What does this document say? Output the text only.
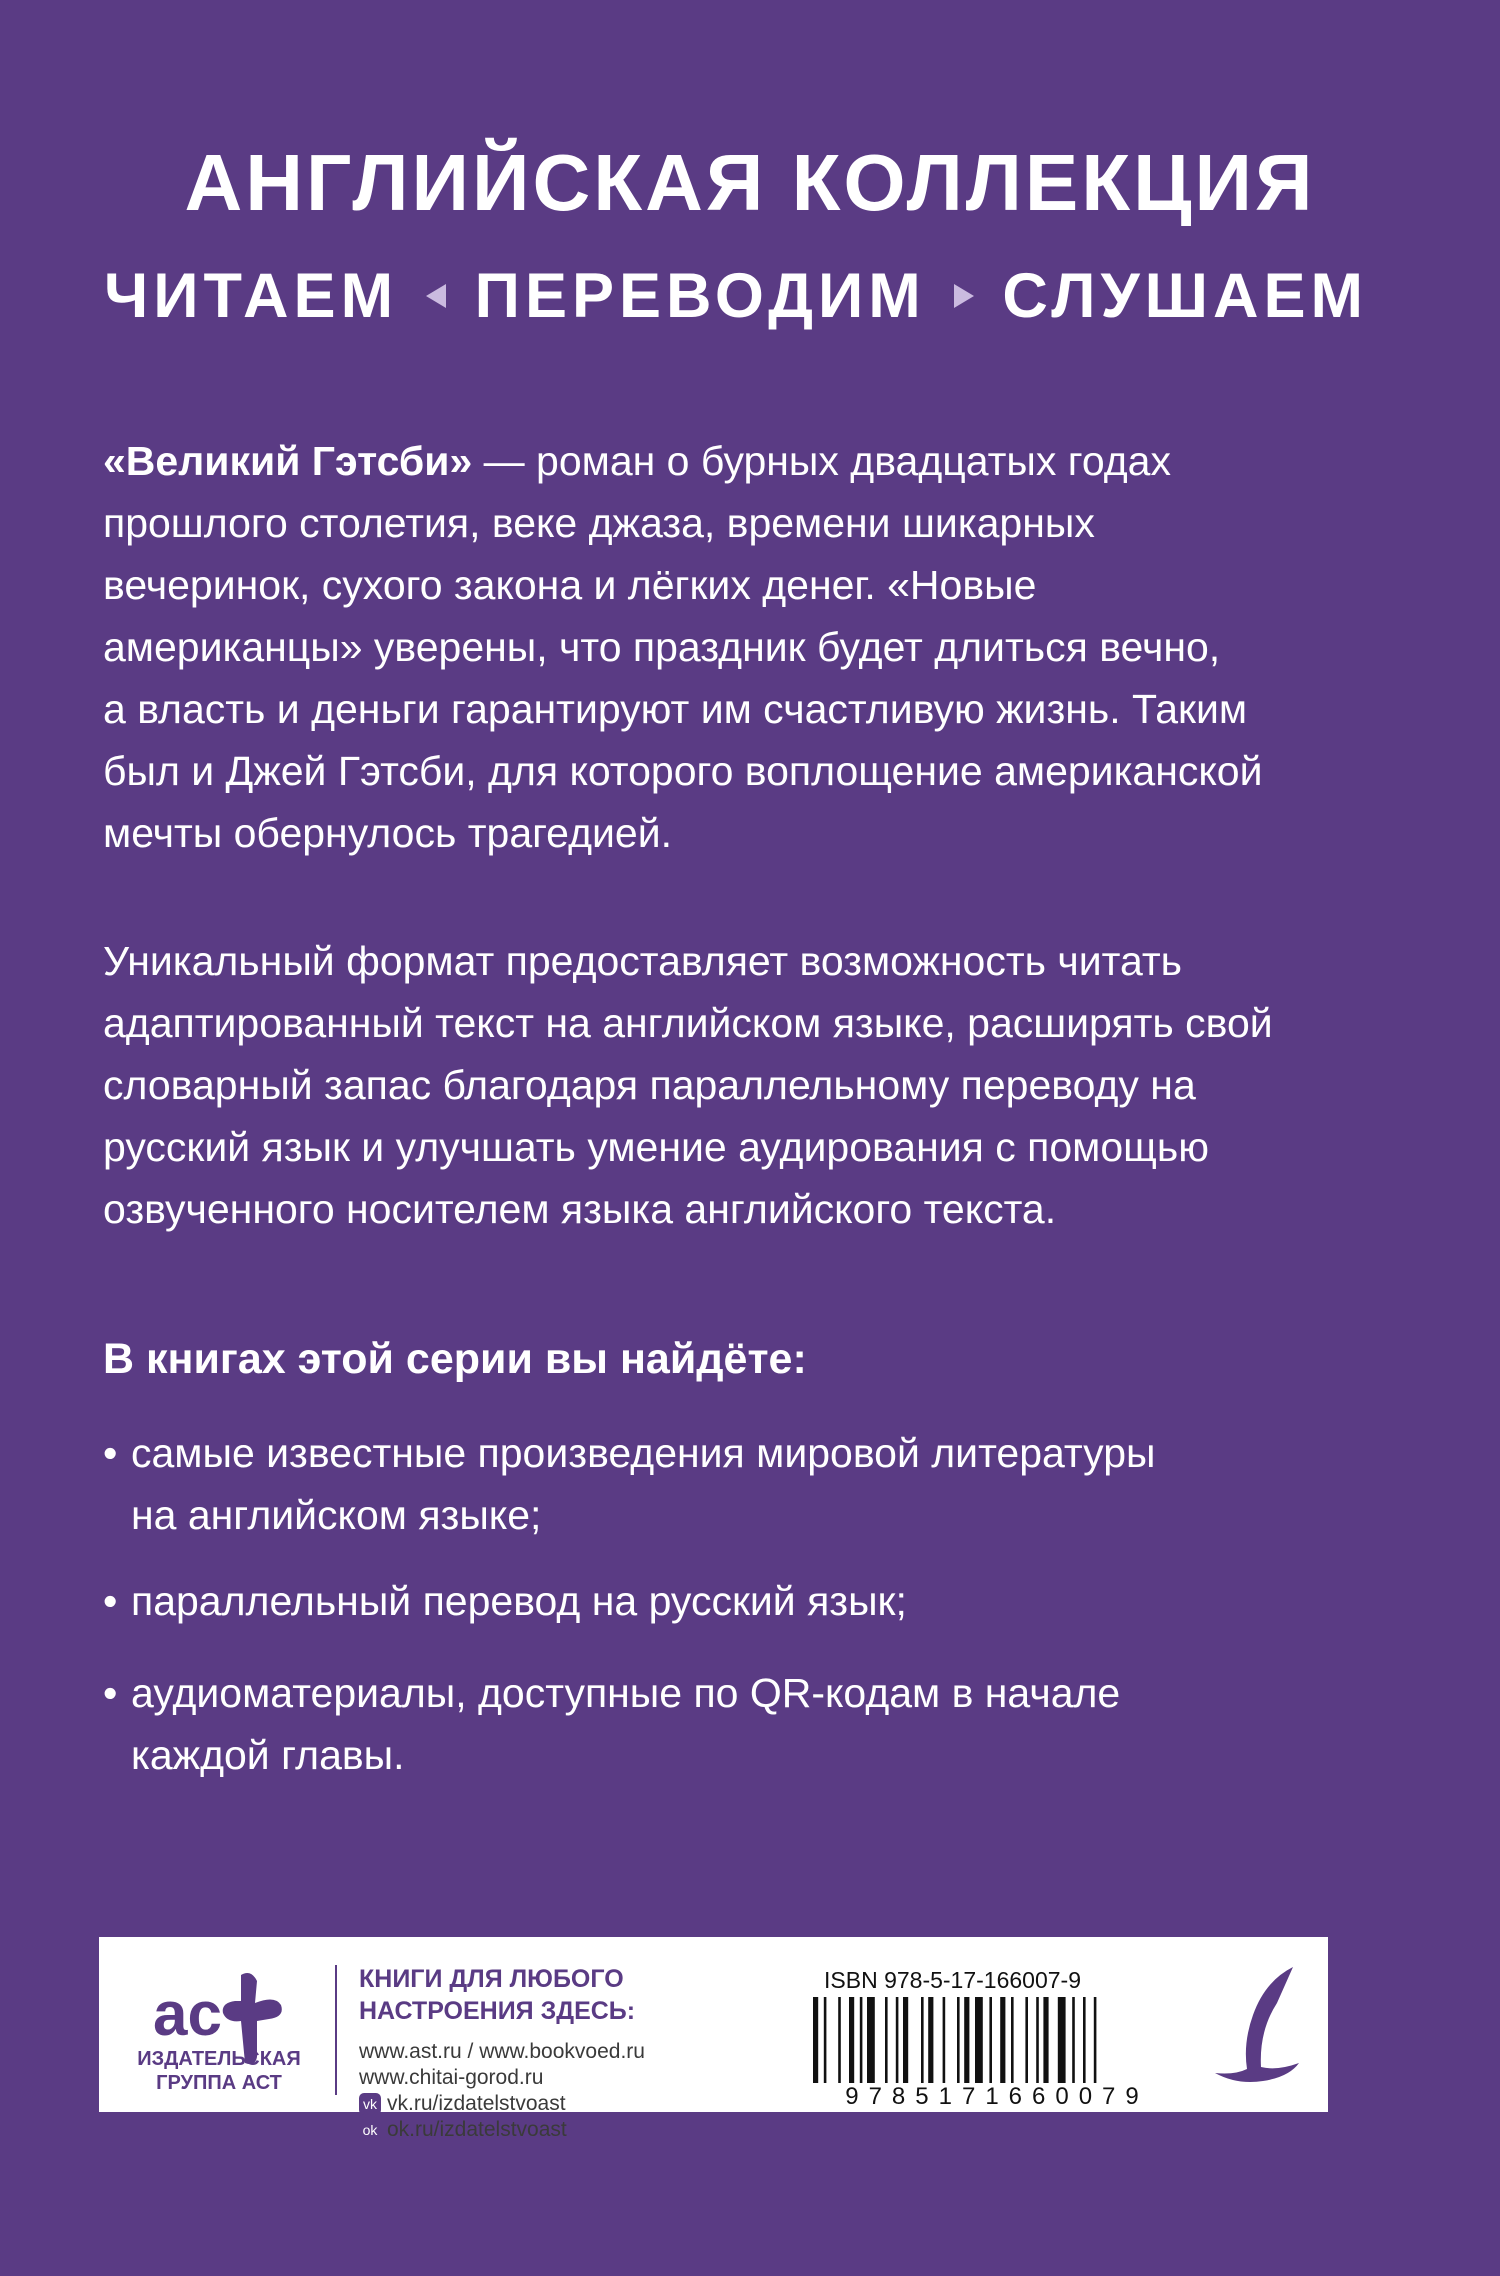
АНГЛИЙСКАЯ КОЛЛЕКЦИЯ
ЧИТАЕМ ПЕРЕВОДИМ СЛУШАЕМ

«Великий Гэтсби» — роман о бурных двадцатых годах
прошлого столетия, веке джаза, времени шикарных
вечеринок, сухого закона и лёгких денег. «Новые
американцы» уверены, что праздник будет длиться вечно,
а власть и деньги гарантируют им счастливую жизнь. Таким
был и Джей Гэтсби, для которого воплощение американской
мечты обернулось трагедией.

Уникальный формат предоставляет возможность читать
адаптированный текст на английском языке, расширять свой
словарный запас благодаря параллельному переводу на
русский язык и улучшать умение аудирования с помощью
озвученного носителем языка английского текста.

В книгах этой серии вы найдёте:
• самые известные произведения мировой литературы
на английском языке;
• параллельный перевод на русский язык;
• аудиоматериалы, доступные по QR-кодам в начале
каждой главы.
ac
ИЗДАТЕЛЬСКАЯ
ГРУППА АСТ
КНИГИ ДЛЯ ЛЮБОГО
НАСТРОЕНИЯ ЗДЕСЬ:
www.ast.ru / www.bookvoed.ru
www.chitai-gorod.ru
vk vk.ru/izdatelstvoast
ok ok.ru/izdatelstvoast
ISBN 978-5-17-166007-9
9785171660079
